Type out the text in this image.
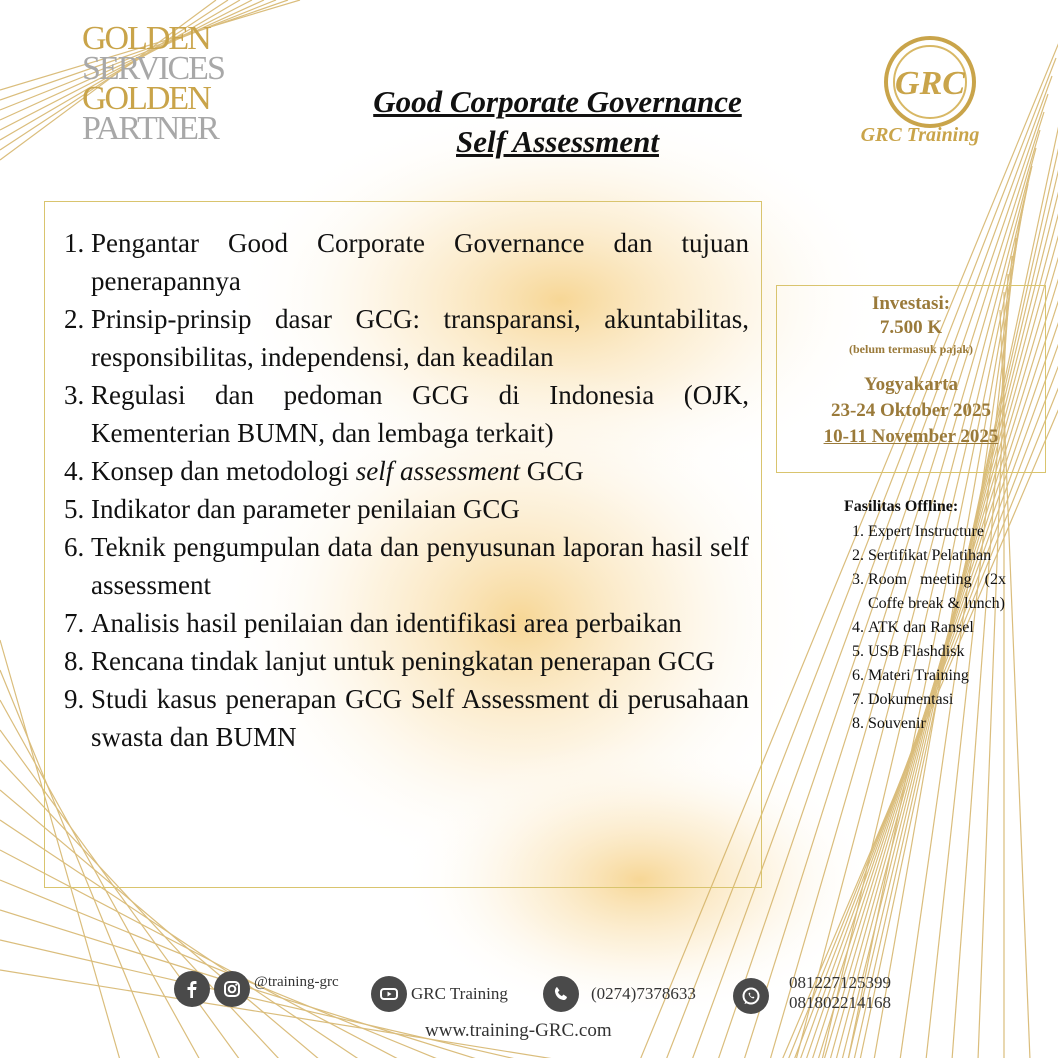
GOLDEN
SERVICES
GOLDEN
PARTNER
Good Corporate Governance
Self Assessment
GRC
GRC Training
1. Pengantar Good Corporate Governance dan tujuan penerapannya
2. Prinsip-prinsip dasar GCG: transparansi, akuntabilitas, responsibilitas, independensi, dan keadilan
3. Regulasi dan pedoman GCG di Indonesia (OJK, Kementerian BUMN, dan lembaga terkait)
4. Konsep dan metodologi self assessment GCG
5. Indikator dan parameter penilaian GCG
6. Teknik pengumpulan data dan penyusunan laporan hasil self assessment
7. Analisis hasil penilaian dan identifikasi area perbaikan
8. Rencana tindak lanjut untuk peningkatan penerapan GCG
9. Studi kasus penerapan GCG Self Assessment di perusahaan swasta dan BUMN
Investasi:
7.500 K
(belum termasuk pajak)
Yogyakarta
23-24 Oktober 2025
10-11 November 2025
Fasilitas Offline:
1. Expert Instructure
2. Sertifikat Pelatihan
3. Room meeting (2x Coffe break & lunch)
4. ATK dan Ransel
5. USB Flashdisk
6. Materi Training
7. Dokumentasi
8. Souvenir
@training-grc
GRC Training	(0274)7378633
081227125399
081802214168
www.training-GRC.com
